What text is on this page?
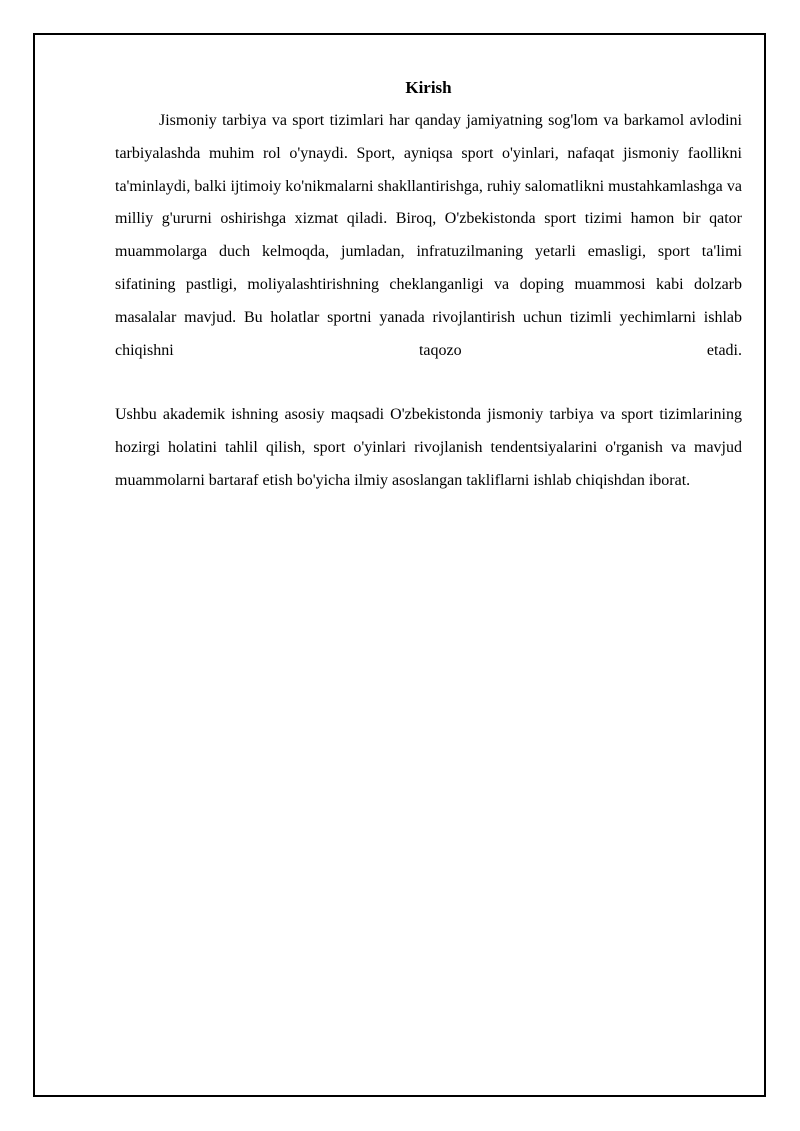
Kirish

Jismoniy tarbiya va sport tizimlari har qanday jamiyatning sog'lom va barkamol avlodini tarbiyalashda muhim rol o'ynaydi. Sport, ayniqsa sport o'yinlari, nafaqat jismoniy faollikni ta'minlaydi, balki ijtimoiy ko'nikmalarni shakllantirishga, ruhiy salomatlikni mustahkamlashga va milliy g'ururni oshirishga xizmat qiladi. Biroq, O'zbekistonda sport tizimi hamon bir qator muammolarga duch kelmoqda, jumladan, infratuzilmaning yetarli emasligi, sport ta'limi sifatining pastligi, moliyalashtirishning cheklanganligi va doping muammosi kabi dolzarb masalalar mavjud. Bu holatlar sportni yanada rivojlantirish uchun tizimli yechimlarni ishlab chiqishni taqozo etadi.

Ushbu akademik ishning asosiy maqsadi O'zbekistonda jismoniy tarbiya va sport tizimlarining hozirgi holatini tahlil qilish, sport o'yinlari rivojlanish tendentsiyalarini o'rganish va mavjud muammolarni bartaraf etish bo'yicha ilmiy asoslangan takliflarni ishlab chiqishdan iborat.
